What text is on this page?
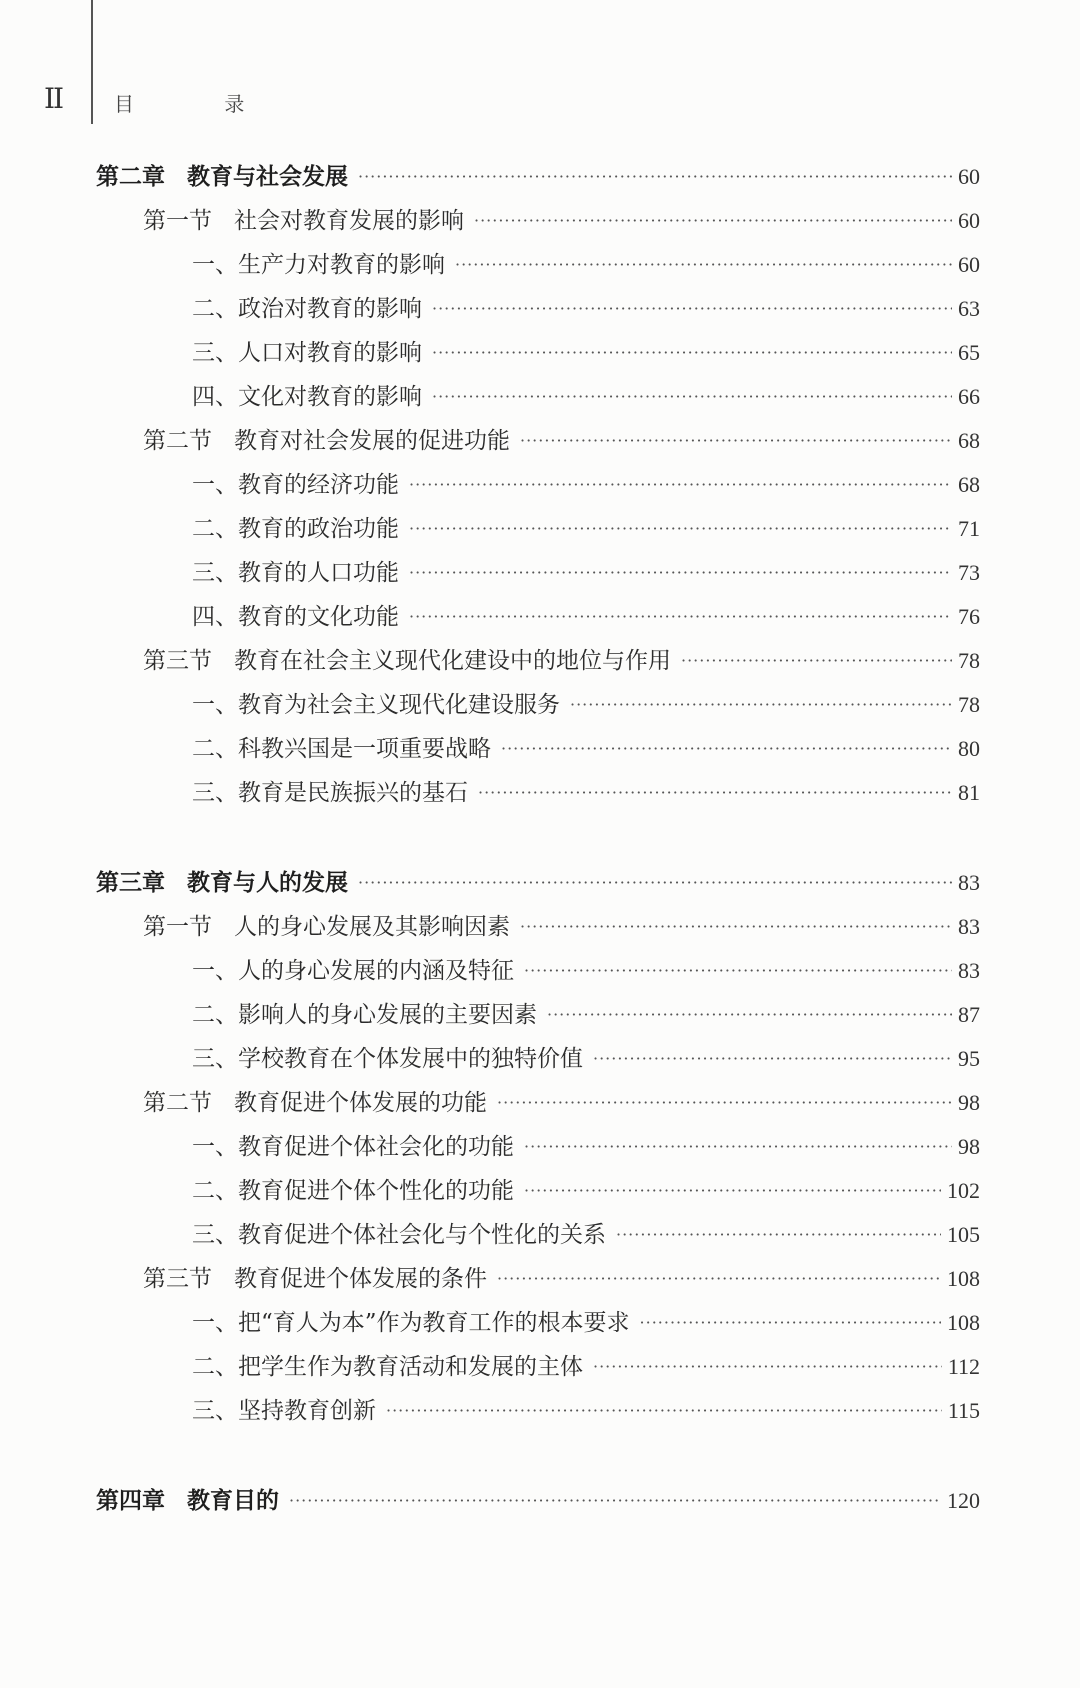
II	目 录
第二章 教育与社会发展 ·····	60
第一节 社会对教育发展的影响 ·····	60
一、生产力对教育的影响 ·····	60
二、政治对教育的影响 ·····	63
三、人口对教育的影响 ·····	65
四、文化对教育的影响 ·····	66
第二节 教育对社会发展的促进功能 ·····	68
一、教育的经济功能 ·····	68
二、教育的政治功能 ·····	71
三、教育的人口功能 ·····	73
四、教育的文化功能 ·····	76
第三节 教育在社会主义现代化建设中的地位与作用 ·····	78
一、教育为社会主义现代化建设服务 ·····	78
二、科教兴国是一项重要战略 ·····	80
三、教育是民族振兴的基石 ·····	81
第三章 教育与人的发展 ·····	83
第一节 人的身心发展及其影响因素 ·····	83
一、人的身心发展的内涵及特征 ·····	83
二、影响人的身心发展的主要因素 ·····	87
三、学校教育在个体发展中的独特价值 ·····	95
第二节 教育促进个体发展的功能 ·····	98
一、教育促进个体社会化的功能 ·····	98
二、教育促进个体个性化的功能 ·····	102
三、教育促进个体社会化与个性化的关系 ·····	105
第三节 教育促进个体发展的条件 ·····	108
一、把“育人为本”作为教育工作的根本要求 ·····	108
二、把学生作为教育活动和发展的主体 ·····	112
三、坚持教育创新 ·····	115
第四章 教育目的 ·····	120
